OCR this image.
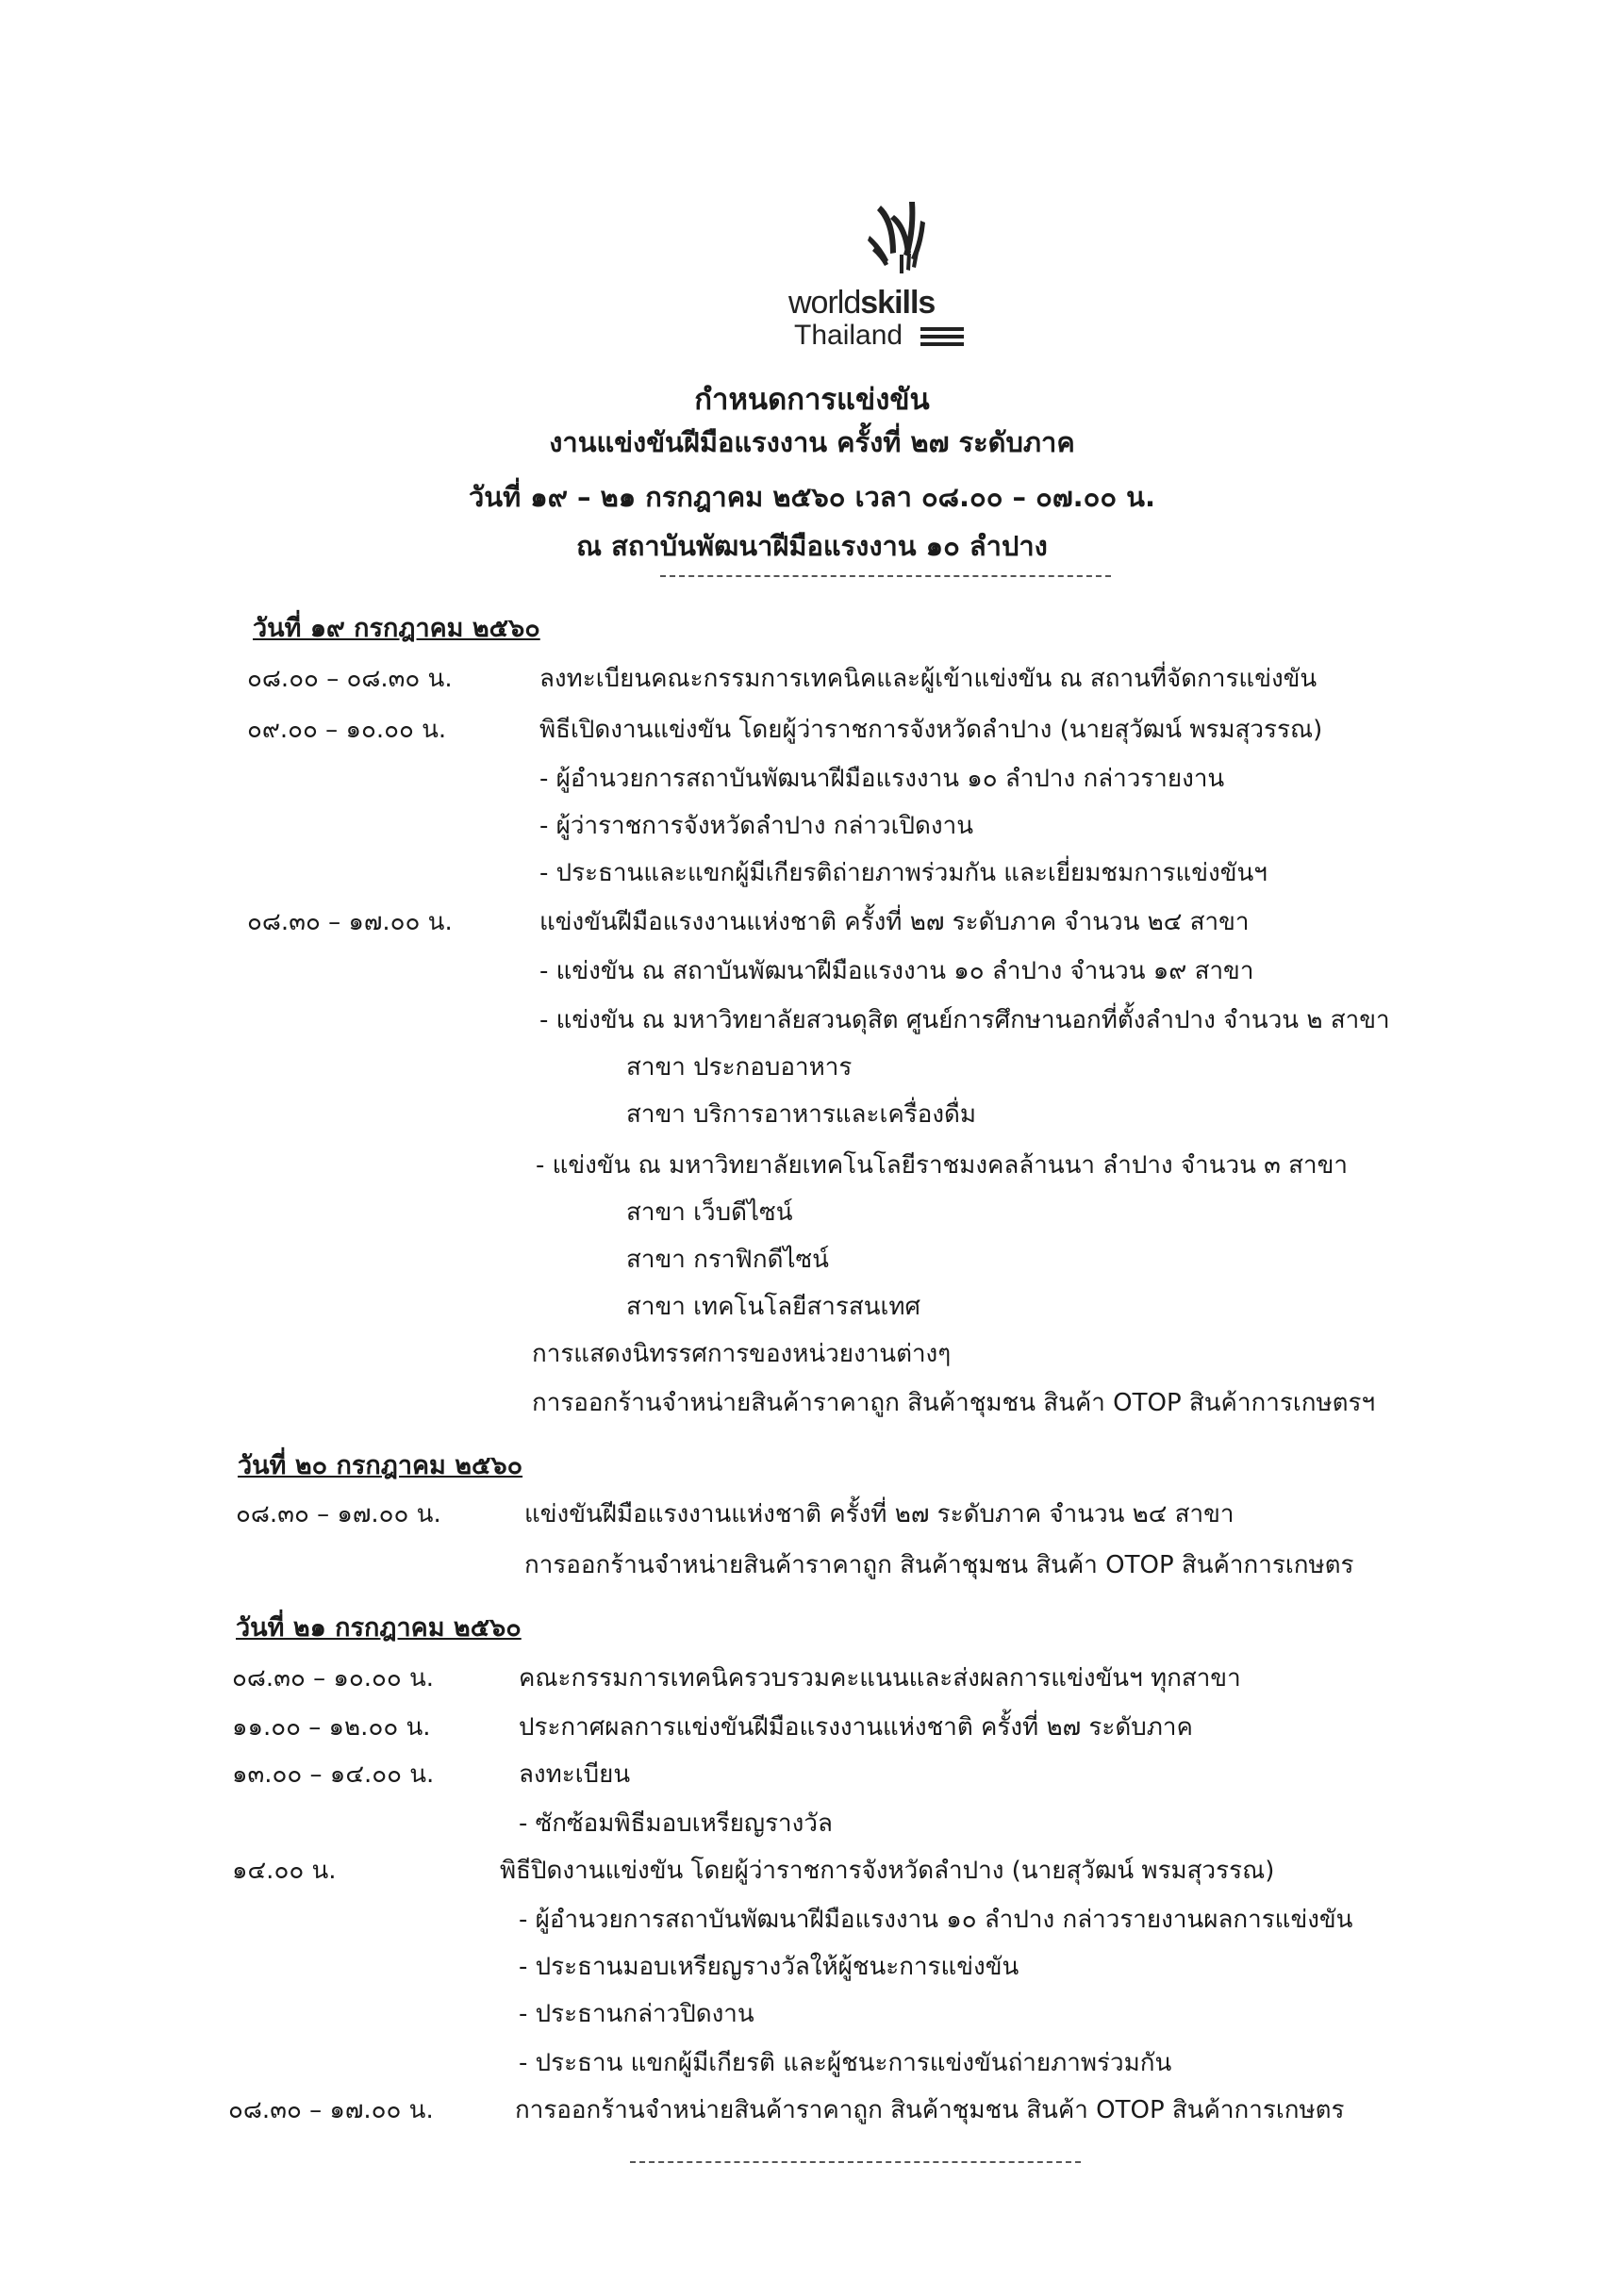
worldskills
Thailand
กำหนดการแข่งขัน
งานแข่งขันฝีมือแรงงาน ครั้งที่ ๒๗ ระดับภาค
วันที่ ๑๙ – ๒๑ กรกฎาคม ๒๕๖๐ เวลา ๐๘.๐๐ – ๐๗.๐๐ น.
ณ สถาบันพัฒนาฝีมือแรงงาน ๑๐ ลำปาง
วันที่ ๑๙ กรกฎาคม ๒๕๖๐
๐๘.๐๐ – ๐๘.๓๐ น.	ลงทะเบียนคณะกรรมการเทคนิคและผู้เข้าแข่งขัน ณ สถานที่จัดการแข่งขัน
๐๙.๐๐ – ๑๐.๐๐ น.	พิธีเปิดงานแข่งขัน โดยผู้ว่าราชการจังหวัดลำปาง (นายสุวัฒน์ พรมสุวรรณ)
- ผู้อำนวยการสถาบันพัฒนาฝีมือแรงงาน ๑๐ ลำปาง กล่าวรายงาน
- ผู้ว่าราชการจังหวัดลำปาง กล่าวเปิดงาน
- ประธานและแขกผู้มีเกียรติถ่ายภาพร่วมกัน และเยี่ยมชมการแข่งขันฯ
๐๘.๓๐ – ๑๗.๐๐ น.	แข่งขันฝีมือแรงงานแห่งชาติ ครั้งที่ ๒๗ ระดับภาค จำนวน ๒๔ สาขา
- แข่งขัน ณ สถาบันพัฒนาฝีมือแรงงาน ๑๐ ลำปาง จำนวน ๑๙ สาขา
- แข่งขัน ณ มหาวิทยาลัยสวนดุสิต ศูนย์การศึกษานอกที่ตั้งลำปาง จำนวน ๒ สาขา
สาขา ประกอบอาหาร
สาขา บริการอาหารและเครื่องดื่ม
- แข่งขัน ณ มหาวิทยาลัยเทคโนโลยีราชมงคลล้านนา ลำปาง จำนวน ๓ สาขา
สาขา เว็บดีไซน์
สาขา กราฟิกดีไซน์
สาขา เทคโนโลยีสารสนเทศ
การแสดงนิทรรศการของหน่วยงานต่างๆ
การออกร้านจำหน่ายสินค้าราคาถูก สินค้าชุมชน สินค้า OTOP สินค้าการเกษตรฯ
วันที่ ๒๐ กรกฎาคม ๒๕๖๐
๐๘.๓๐ – ๑๗.๐๐ น.	แข่งขันฝีมือแรงงานแห่งชาติ ครั้งที่ ๒๗ ระดับภาค จำนวน ๒๔ สาขา
การออกร้านจำหน่ายสินค้าราคาถูก สินค้าชุมชน สินค้า OTOP สินค้าการเกษตร
วันที่ ๒๑ กรกฎาคม ๒๕๖๐
๐๘.๓๐ – ๑๐.๐๐ น.	คณะกรรมการเทคนิครวบรวมคะแนนและส่งผลการแข่งขันฯ ทุกสาขา
๑๑.๐๐ – ๑๒.๐๐ น.	ประกาศผลการแข่งขันฝีมือแรงงานแห่งชาติ ครั้งที่ ๒๗ ระดับภาค
๑๓.๐๐ – ๑๔.๐๐ น.	ลงทะเบียน
- ซักซ้อมพิธีมอบเหรียญรางวัล
๑๔.๐๐ น.	พิธีปิดงานแข่งขัน โดยผู้ว่าราชการจังหวัดลำปาง (นายสุวัฒน์ พรมสุวรรณ)
- ผู้อำนวยการสถาบันพัฒนาฝีมือแรงงาน ๑๐ ลำปาง กล่าวรายงานผลการแข่งขัน
- ประธานมอบเหรียญรางวัลให้ผู้ชนะการแข่งขัน
- ประธานกล่าวปิดงาน
- ประธาน แขกผู้มีเกียรติ และผู้ชนะการแข่งขันถ่ายภาพร่วมกัน
๐๘.๓๐ – ๑๗.๐๐ น.	การออกร้านจำหน่ายสินค้าราคาถูก สินค้าชุมชน สินค้า OTOP สินค้าการเกษตร
